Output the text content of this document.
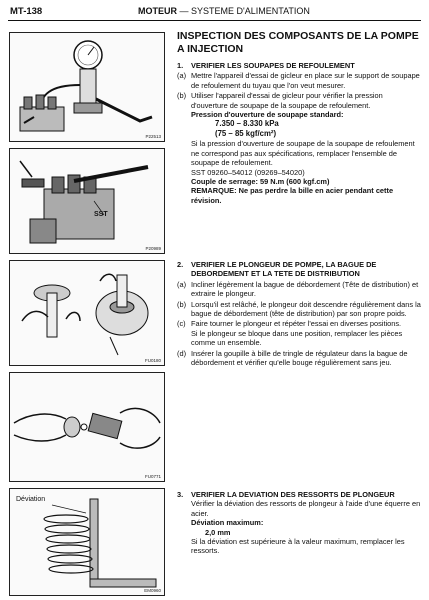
MT-138	MOTEUR — SYSTEME D'ALIMENTATION
P22513
SST
P20989
FU0180
FU0771
EM0960
Déviation
INSPECTION DES COMPOSANTS DE LA POMPE A INJECTION
1.	VERIFIER LES SOUPAPES DE REFOULEMENT
(a) Mettre l'appareil d'essai de gicleur en place sur le support de soupape de refoulement du tuyau que l'on veut mesurer.
(b) Utiliser l'appareil d'essai de gicleur pour vérifier la pression d'ouverture de soupape de la soupape de refoulement.
Pression d'ouverture de soupape standard:
7.350 – 8.330 kPa
(75 – 85 kgf/cm²)
Si la pression d'ouverture de soupape de la soupape de refoulement ne correspond pas aux spécifications, remplacer l'ensemble de soupape de refoulement.
SST 09260–54012 (09269–54020)
Couple de serrage: 59 N.m (600 kgf.cm)
REMARQUE: Ne pas perdre la bille en acier pendant cette révision.
2.	VERIFIER LE PLONGEUR DE POMPE, LA BAGUE DE DEBORDEMENT ET LA TETE DE DISTRIBUTION
(a) Incliner légèrement la bague de débordement (Tête de distribution) et extraire le plongeur.
(b) Lorsqu'il est relâché, le plongeur doit descendre régulièrement dans la bague de débordement (tête de distribution) par son propre poids.
(c) Faire tourner le plongeur et répéter l'essai en diverses positions.
Si le plongeur se bloque dans une position, remplacer les pièces comme un ensemble.
(d) Insérer la goupille à bille de tringle de régulateur dans la bague de débordement et vérifier qu'elle bouge régulièrement sans jeu.
3.	VERIFIER LA DEVIATION DES RESSORTS DE PLONGEUR
Vérifier la déviation des ressorts de plongeur à l'aide d'une équerre en acier.
Déviation maximum:
2,0 mm
Si la déviation est supérieure à la valeur maximum, remplacer les ressorts.
